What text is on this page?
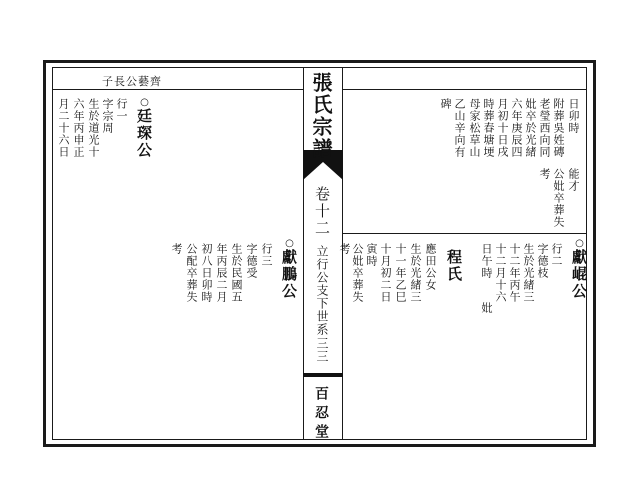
張氏宗譜
卷十二
立行公支下世系
三三
百忍堂
子長公藝齊
○
廷琛公
行一
字宗周
生於道光十
六年丙申正
月二十六日
○
獻鵬公
行三
字德受
生於民國五
年丙辰二月
初八日卯時
公配卒葬失
考
日卯時
附葬吳姓磚
老瑩西向同
妣卒於光緒
六年庚辰四
月初十日戌
時葬春塘埂
母家松草山
乙山辛向有
碑
能才
公妣卒葬失
考
○
獻崐公
行二
字德枝
生於光緒三
十二年丙午
十二月十六
日午時
妣
程氏
應田公女
生於光緒三
十一年乙巳
十月初二日
寅時
公妣卒葬失
考
